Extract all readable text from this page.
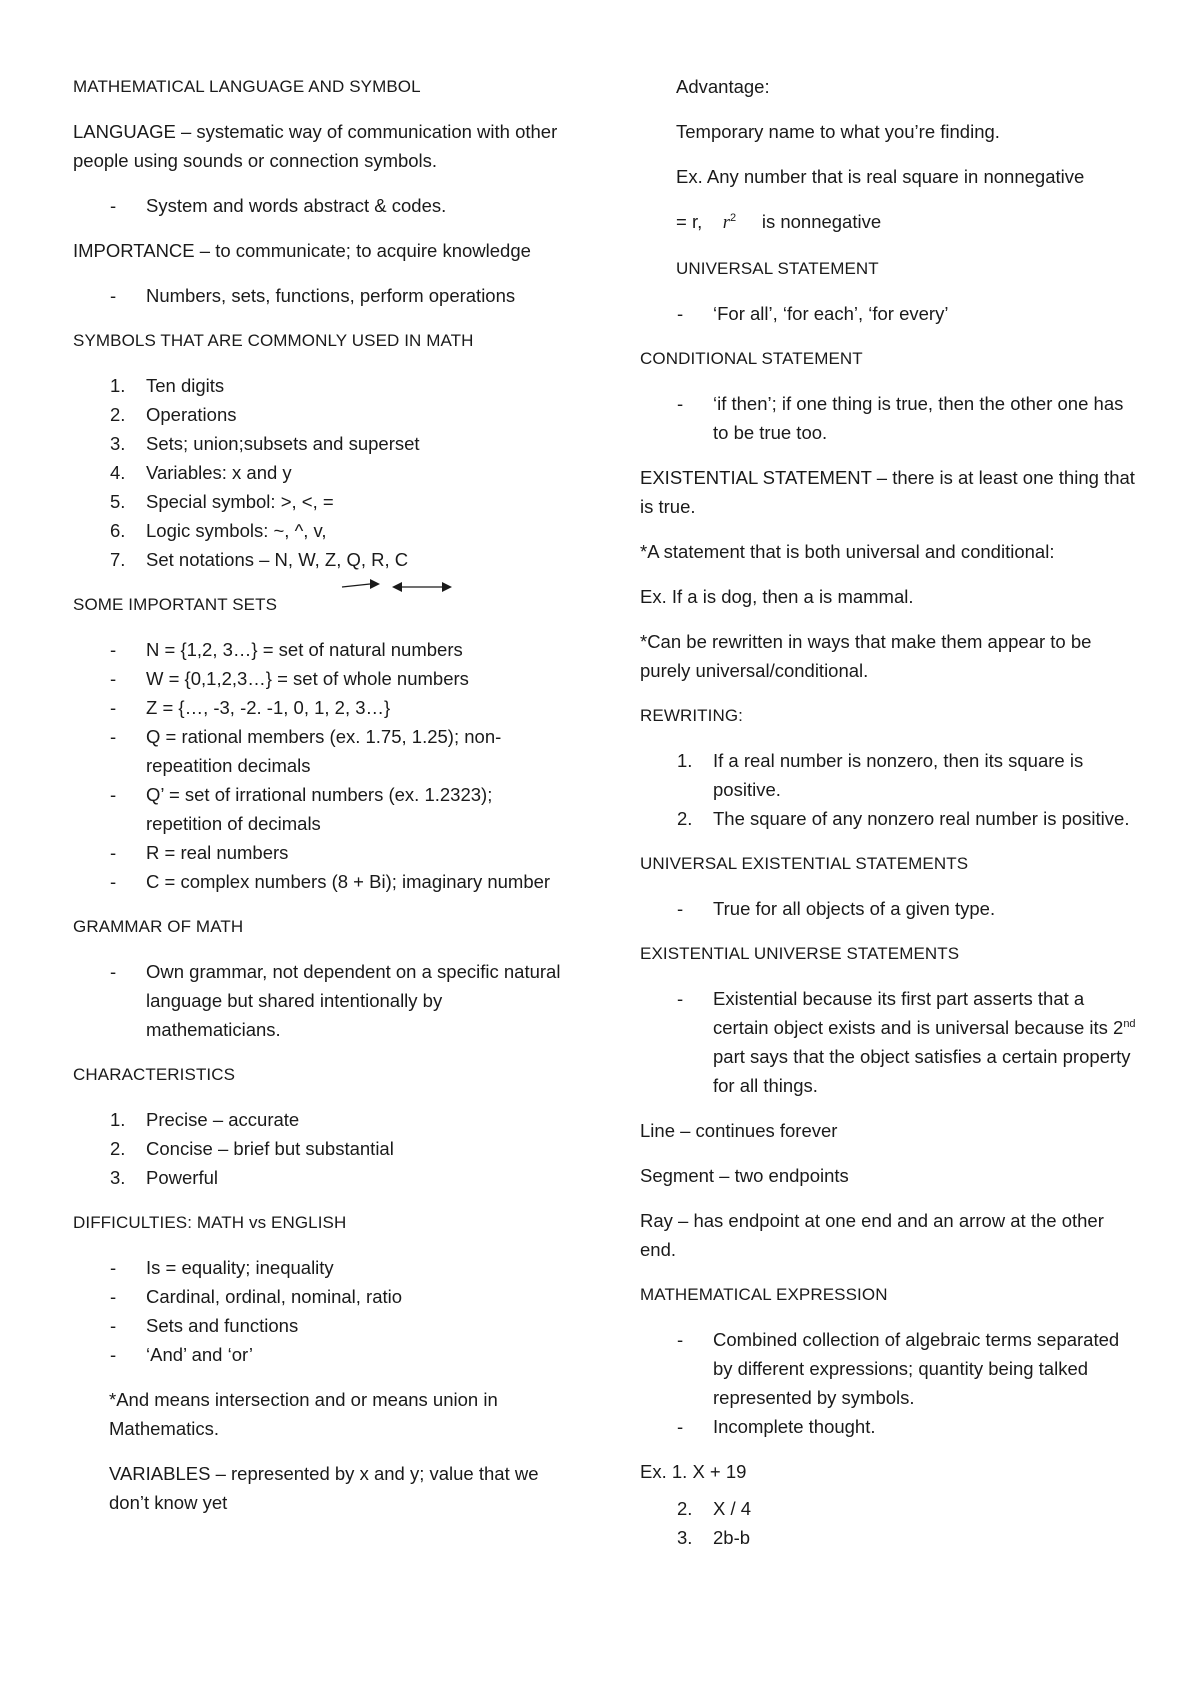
MATHEMATICAL LANGUAGE AND SYMBOL
LANGUAGE – systematic way of communication with other people using sounds or connection symbols.
- System and words abstract & codes.
IMPORTANCE – to communicate; to acquire knowledge
- Numbers, sets, functions, perform operations
SYMBOLS THAT ARE COMMONLY USED IN MATH
1. Ten digits
2. Operations
3. Sets; union;subsets and superset
4. Variables: x and y
5. Special symbol: >, <, =
6. Logic symbols: ~, ^, v,
7. Set notations – N, W, Z, Q, R, C
SOME IMPORTANT SETS
- N = {1,2, 3…} = set of natural numbers
- W = {0,1,2,3…} = set of whole numbers
- Z = {…, -3, -2. -1, 0, 1, 2, 3…}
- Q = rational members (ex. 1.75, 1.25); non-repeatition decimals
- Q’ = set of irrational numbers (ex. 1.2323); repetition of decimals
- R = real numbers
- C = complex numbers (8 + Bi); imaginary number
GRAMMAR OF MATH
- Own grammar, not dependent on a specific natural language but shared intentionally by mathematicians.
CHARACTERISTICS
1. Precise – accurate
2. Concise – brief but substantial
3. Powerful
DIFFICULTIES: MATH vs ENGLISH
- Is = equality; inequality
- Cardinal, ordinal, nominal, ratio
- Sets and functions
- ‘And’ and ‘or’
*And means intersection and or means union in Mathematics.
VARIABLES – represented by x and y; value that we don’t know yet
Advantage:
Temporary name to what you’re finding.
Ex. Any number that is real square in nonnegative
= r, $r^2$ is nonnegative
UNIVERSAL STATEMENT
- ‘For all’, ‘for each’, ‘for every’
CONDITIONAL STATEMENT
- ‘if then’; if one thing is true, then the other one has to be true too.
EXISTENTIAL STATEMENT – there is at least one thing that is true.
*A statement that is both universal and conditional:
Ex. If a is dog, then a is mammal.
*Can be rewritten in ways that make them appear to be purely universal/conditional.
REWRITING:
1. If a real number is nonzero, then its square is positive.
2. The square of any nonzero real number is positive.
UNIVERSAL EXISTENTIAL STATEMENTS
- True for all objects of a given type.
EXISTENTIAL UNIVERSE STATEMENTS
- Existential because its first part asserts that a certain object exists and is universal because its 2nd part says that the object satisfies a certain property for all things.
Line – continues forever
Segment – two endpoints
Ray – has endpoint at one end and an arrow at the other end.
MATHEMATICAL EXPRESSION
- Combined collection of algebraic terms separated by different expressions; quantity being talked represented by symbols.
- Incomplete thought.
Ex. 1. X + 19
2. X / 4
3. 2b-b
